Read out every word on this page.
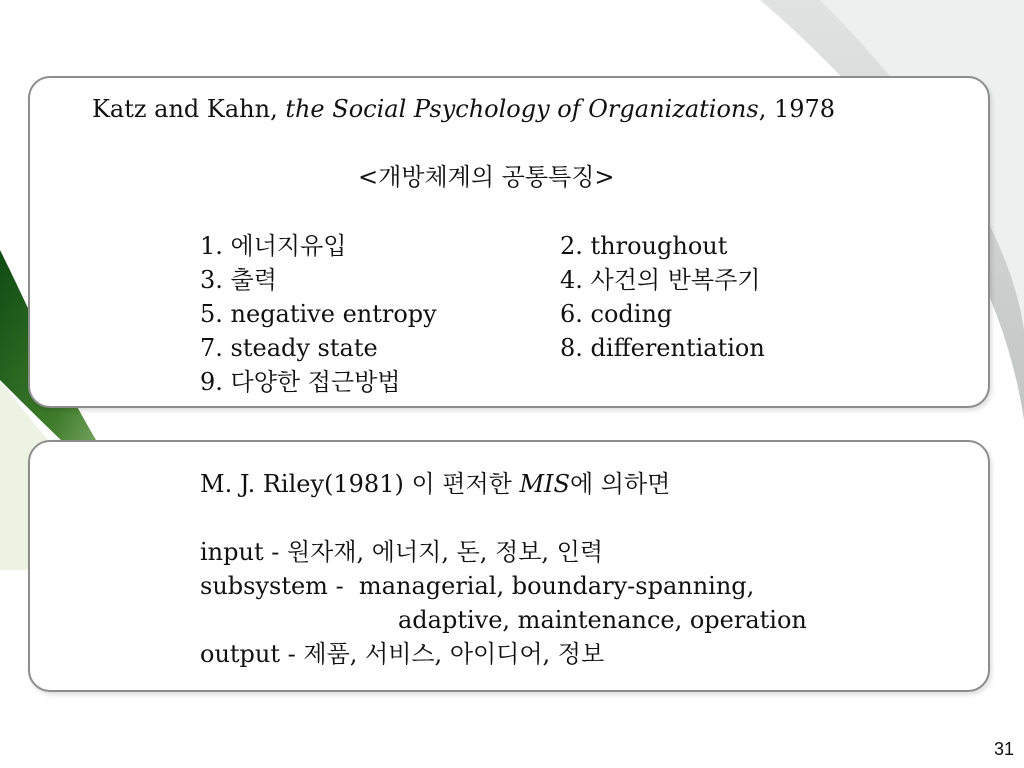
Katz and Kahn, the Social Psychology of Organizations, 1978
<개방체계의 공통특징>
1. 에너지유입
3. 출력
5. negative entropy
7. steady state
9. 다양한 접근방법
2. throughout
4. 사건의 반복주기
6. coding
8. differentiation
M. J. Riley(1981) 이 편저한 MIS에 의하면
input - 원자재, 에너지, 돈, 정보, 인력
subsystem -  managerial, boundary-spanning,
adaptive, maintenance, operation
output - 제품, 서비스, 아이디어, 정보
31
